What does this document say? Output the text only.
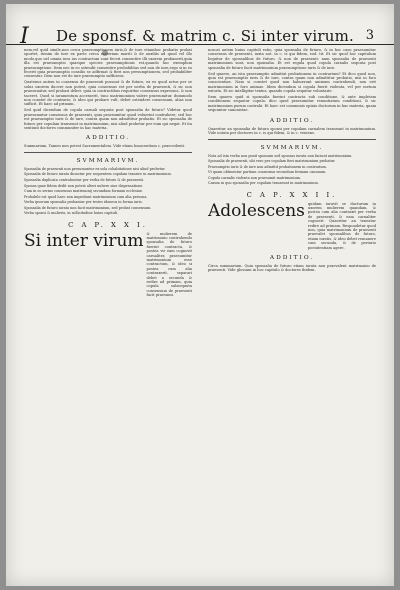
I De sponsf. & matrim c. Si inter virum. 3

nem,vel quid simile,non cerca praesumptionem iuris,& de iure etiamhoc probatio probat oportet, itenim de iure ex parte cerca materiam mariti & de auxiliis ad quod vel illo modo,quo uel omnia iura ius contractum sunt feceri consentire illi uxorem probauerit,quia illa est praesumptio quaeque species praesumptionis est,quando hoc exemplum praesumptione. Item nec in eo ostendit consentire probabilitas sed non de iure,ergo si in eo fecerit quia praesumptio consilio se adfirmat & fieri non presumptionem, sed probabiliter censentur. Item non est de iure praesumptio sufficiens.

Quatenus autem in consensu de praesenti possunt & de futuro, ex eo quod actus per se solus uxorem ducere non potest, quia consensus est per uerba de praesenti, & sic non praesumitur, sed probari debet: quia in contractibus requiritur consensus expressus, & non taceret. Quod si iuramentum accesserit, tunc matrimonium valere praesumitur, dummodo non constet de contrario; & ideo qui probare vult, debet ostendere consensum, alias non sufficit. Et haec ad primum.

Sed quid dicendum de copula carnali sequuta post sponsalia de futuro? Videtur quod praesumatur consensus de praesenti, quia praesumitur quod voluerint contrahere; sed hoc est praesumptio iuris & de iure, contra quam non admittitur probatio. Et sic sponsalia de futuro per copulam transeunt in matrimonium, nisi aliud probetur per eum qui negat. Et ita sentiunt doctores communiter in hac materia.

ADDITIO.

Summarium. Tamen non potest Sacramentalem. Vide etiam Innocentium c. praecedenti.

SVMMARIVM.

Sponsalia de praesenti non presumuntur ex sola cohabitatione nisi aliud probetur.

Sponsalia de futuro iurata dicuntur per sequentem copulam transire in matrimonium.

Sponsalia duplicata contrahuntur per verba de futuro & de praesenti.

Sponsa quae fidem dedit non potest alteri nubere sine dispensatione.

Cum in eo sermo consensus matrimonij secundum formam ecclesiae.

Probabile est quod haec non impediunt matrimonium cum alia persona.

Verba ipsorum sponsalia probantur per testes idoneos in forma iuris.

Sponsalia de futuro iurata non facit matrimonium, sed probat consensum.

Verba sponsi & mulieris, in sollicitudine huius capituli.

C A P. X X I.
Si inter virum & mulierem de matrimonio contrahendo sponsalia de futuro fuerint contracta, & postea vir eam cognovit carnaliter, praesumitur matrimonium esse contractum, & ideo si postea cum alia contraxerit, separari debet a secunda & redire ad primam, quia copula subsequuta consensum de praesenti facit praesumi.

noscat autem huius capituli ratio, quia sponsalia de futuro, & in hoc casu praesumitur consensus de praesenti, iuxta not. in c. is qui fidem, eod. tit. Et sic quod hoc capitulum loquitur de sponsalibus de futuro, & non de praesenti: nam sponsalia de praesenti matrimonium sunt, non sponsalia. Et est regula quod copula carnalis sequuta post sponsalia de futuro facit matrimonium praesumptione iuris & de iure.

Sed quaero, an ista praesumptio admittat probationem in contrarium? Et dico quod non, quia est praesumptio iuris & de iure, contra quam non admittitur probatio, nisi in foro conscientiae. Nam si constet quod non habuerunt animum contrahendi, non erit matrimonium in foro animae. Idem dicendum si copula fuerit violenta, vel per metum extorta. Et sic intelligitur textus, quando copula sequitur voluntarie.

Item quaero quid si sponsalia fuerint contracta sub conditione, & ante impletam conditionem sequatur copula: dico quod praesumitur renuntiatum conditioni, & sic matrimonium purum contrahi. Et haec est communis opinio doctorum in hac materia, quam sequuntur canonistae.

ADDITIO.

Quaeritur an sponsalia de futuro sponsi per copulam carnalem transeant in matrimonium. Vide notata per doctores in c. is qui fidem, & in c. veniens.

SVMMARIVM.

Nota ad ista verba non ponit sponsam sed sponsas iurata non faciunt matrimonium.

Sponsalia de praesenti, ubi vero per copulam fieri matrimonium probatur.

Praesumptio iuris & de iure non admittit probationem in contrarium.

Vt quam obtinentur partium consensus secundum formam canonum.

Copula carnalis violenta non praesumit matrimonium.

Casum in quo sponsalia per copulam transeunt in matrimonium.

C A P. X X I I.
Adolescens quidam iuravit se ducturum in uxorem mulierem quandam, & postea cum alia contraxit per verba de praesenti, & eam carnaliter cognovit. Quaeritur an teneatur redire ad primam. Respondetur quod non, quia matrimonium de praesenti praevalet sponsalibus de futuro, etiam iuratis, & ideo debet remanere cum secunda, & de periurio poenitentiam agere.
ADDITIO.

Circa summarium. Quia sponsalia de futuro etiam iurata non praevalent matrimonio de praesenti. Vide glossam in hoc capitulo & doctores ibidem.
